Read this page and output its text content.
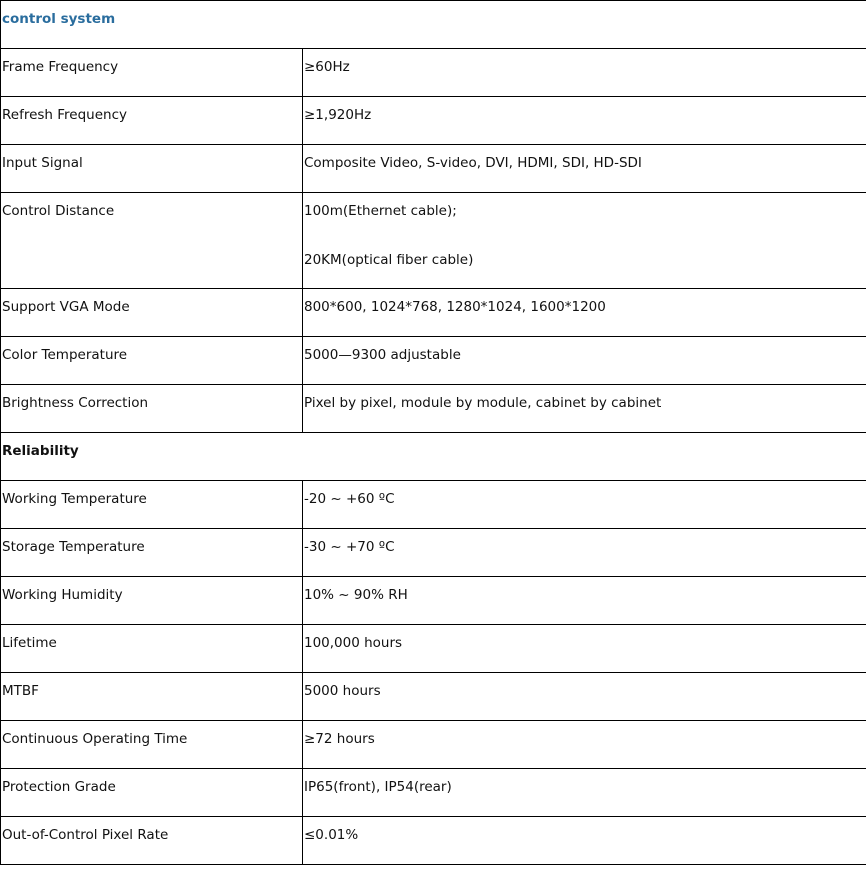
control system	

Frame Frequency	≥60Hz

Refresh Frequency	≥1,920Hz

Input Signal	Composite Video, S-video, DVI, HDMI, SDI, HD-SDI

Control Distance	100m(Ethernet cable);
20KM(optical fiber cable)

Support VGA Mode	800*600, 1024*768, 1280*1024, 1600*1200

Color Temperature	5000—9300 adjustable

Brightness Correction	Pixel by pixel, module by module, cabinet by cabinet

Reliability	

Working Temperature	-20 ~ +60 ºC

Storage Temperature	-30 ~ +70 ºC

Working Humidity	10% ~ 90% RH

Lifetime	100,000 hours

MTBF	5000 hours

Continuous Operating Time	≥72 hours

Protection Grade	IP65(front), IP54(rear)

Out-of-Control Pixel Rate	≤0.01%
